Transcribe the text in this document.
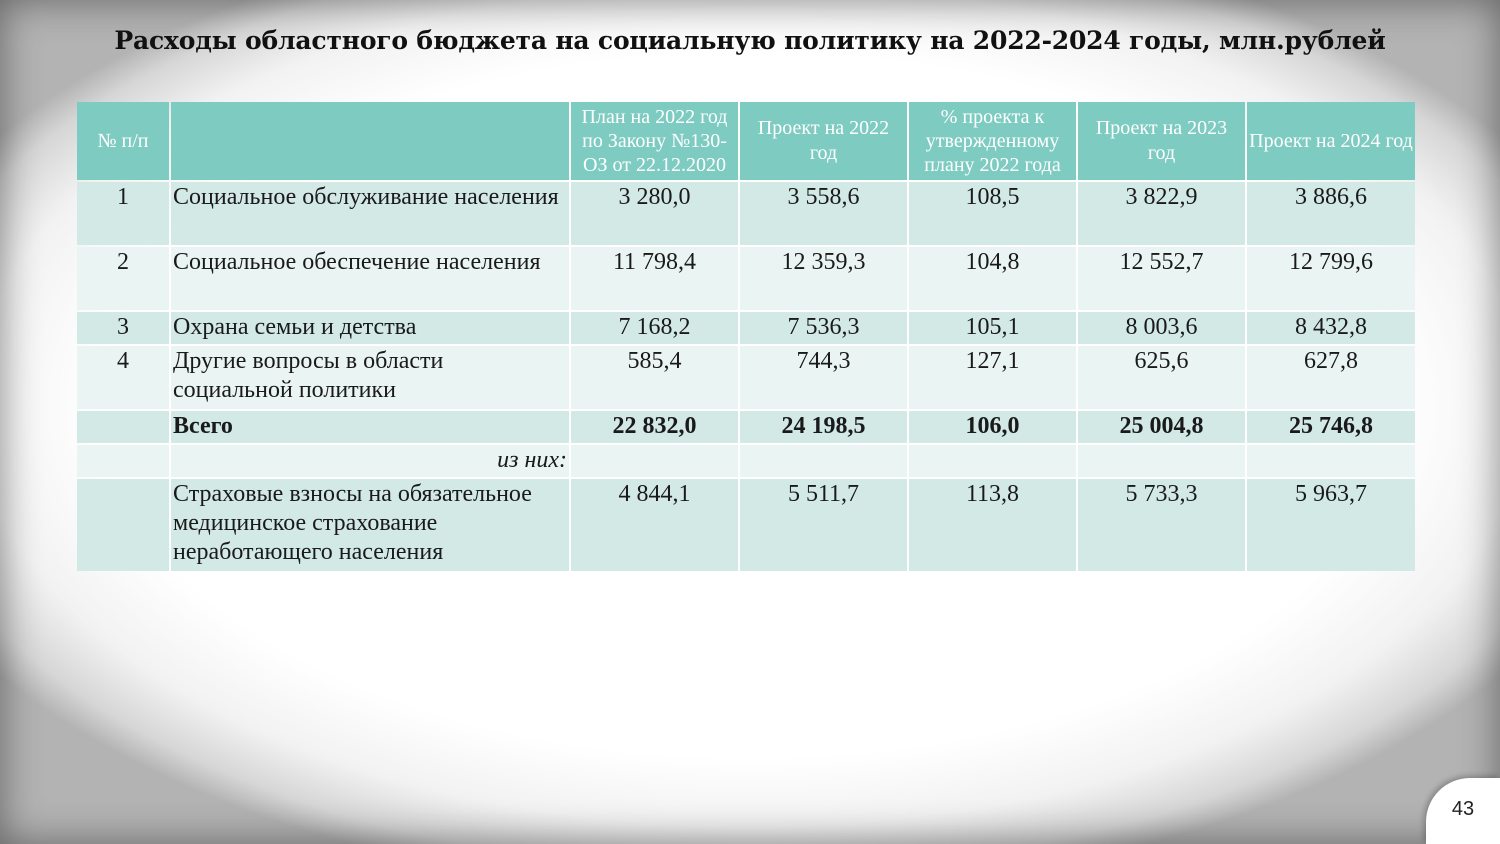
Расходы областного бюджета на социальную политику на 2022-2024 годы, млн.рублей
№ п/п		План на 2022 год по Закону №130-ОЗ от 22.12.2020	Проект на 2022 год	% проекта к утвержденному плану 2022 года	Проект на 2023 год	Проект на 2024 год
1	Социальное обслуживание населения	3 280,0	3 558,6	108,5	3 822,9	3 886,6
2	Социальное обеспечение населения	11 798,4	12 359,3	104,8	12 552,7	12 799,6
3	Охрана семьи и детства	7 168,2	7 536,3	105,1	8 003,6	8 432,8
4	Другие вопросы в области социальной политики	585,4	744,3	127,1	625,6	627,8
	Всего	22 832,0	24 198,5	106,0	25 004,8	25 746,8
	из них:					
	Страховые взносы на обязательное медицинское страхование неработающего населения	4 844,1	5 511,7	113,8	5 733,3	5 963,7
43
